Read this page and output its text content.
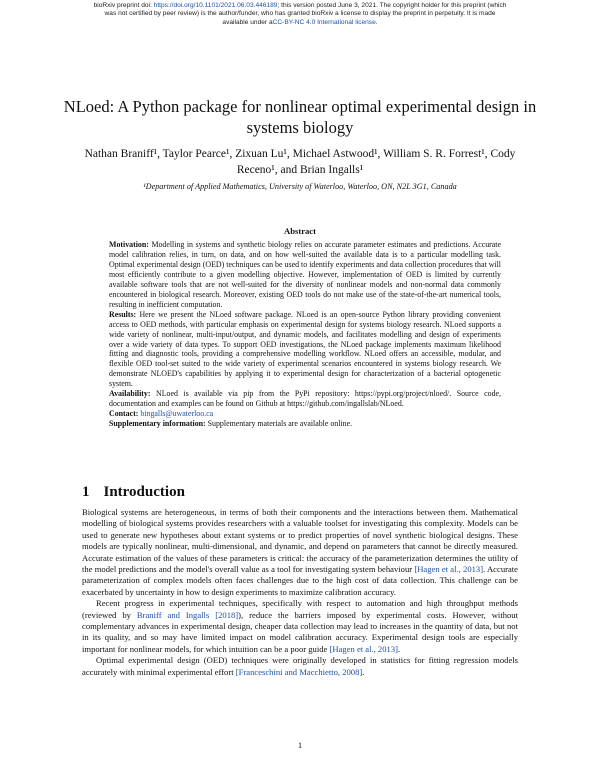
bioRxiv preprint doi: https://doi.org/10.1101/2021.06.03.446189; this version posted June 3, 2021. The copyright holder for this preprint (which
was not certified by peer review) is the author/funder, who has granted bioRxiv a license to display the preprint in perpetuity. It is made
available under aCC-BY-NC 4.0 International license.
NLoed: A Python package for nonlinear optimal experimental design in systems biology
Nathan Braniff¹, Taylor Pearce¹, Zixuan Lu¹, Michael Astwood¹, William S. R. Forrest¹, Cody Receno¹, and Brian Ingalls¹
¹Department of Applied Mathematics, University of Waterloo, Waterloo, ON, N2L 3G1, Canada
Abstract

Motivation: Modelling in systems and synthetic biology relies on accurate parameter estimates and predictions. Accurate model calibration relies, in turn, on data, and on how well-suited the available data is to a particular modelling task. Optimal experimental design (OED) techniques can be used to identify experiments and data collection procedures that will most efficiently contribute to a given modelling objective. However, implementation of OED is limited by currently available software tools that are not well-suited for the diversity of nonlinear models and non-normal data commonly encountered in biological research. Moreover, existing OED tools do not make use of the state-of-the-art numerical tools, resulting in inefficient computation.

Results: Here we present the NLoed software package. NLoed is an open-source Python library providing convenient access to OED methods, with particular emphasis on experimental design for systems biology research. NLoed supports a wide variety of nonlinear, multi-input/output, and dynamic models, and facilitates modelling and design of experiments over a wide variety of data types. To support OED investigations, the NLoed package implements maximum likelihood fitting and diagnostic tools, providing a comprehensive modelling workflow. NLoed offers an accessible, modular, and flexible OED tool-set suited to the wide variety of experimental scenarios encountered in systems biology research. We demonstrate NLOED's capabilities by applying it to experimental design for characterization of a bacterial optogenetic system.

Availability: NLoed is available via pip from the PyPi repository: https://pypi.org/project/nloed/. Source code, documentation and examples can be found on Github at https://github.com/ingallslab/NLoed.

Contact: bingalls@uwaterloo.ca

Supplementary information: Supplementary materials are available online.

1 Introduction

Biological systems are heterogeneous, in terms of both their components and the interactions between them. Mathematical modelling of biological systems provides researchers with a valuable toolset for investigating this complexity. Models can be used to generate new hypotheses about extant systems or to predict properties of novel synthetic biological designs. These models are typically nonlinear, multi-dimensional, and dynamic, and depend on parameters that cannot be directly measured. Accurate estimation of the values of these parameters is critical: the accuracy of the parameterization determines the utility of the model predictions and the model's overall value as a tool for investigating system behaviour [Hagen et al., 2013]. Accurate parameterization of complex models often faces challenges due to the high cost of data collection. This challenge can be exacerbated by uncertainty in how to design experiments to maximize calibration accuracy.

Recent progress in experimental techniques, specifically with respect to automation and high throughput methods (reviewed by Braniff and Ingalls [2018]), reduce the barriers imposed by experimental costs. However, without complementary advances in experimental design, cheaper data collection may lead to increases in the quantity of data, but not in its quality, and so may have limited impact on model calibration accuracy. Experimental design tools are especially important for nonlinear models, for which intuition can be a poor guide [Hagen et al., 2013].

Optimal experimental design (OED) techniques were originally developed in statistics for fitting regression models accurately with minimal experimental effort [Franceschini and Macchietto, 2008].

1
